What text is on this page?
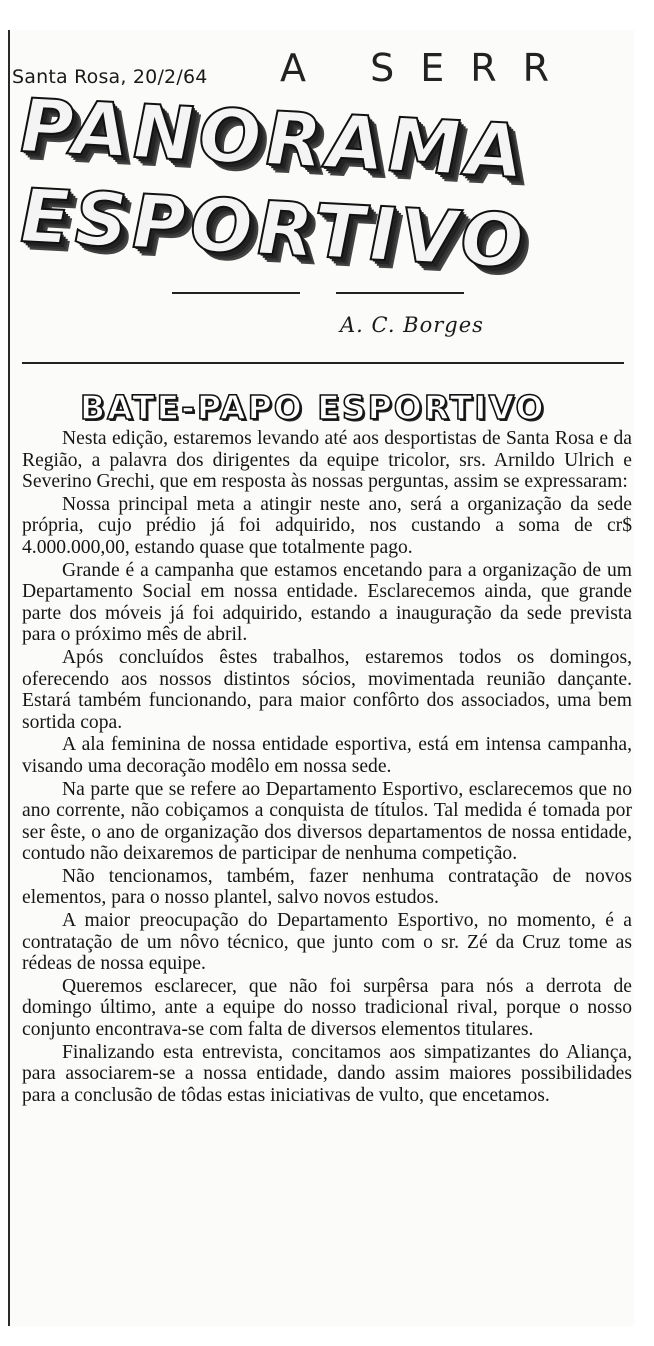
Santa Rosa, 20/2/64 A SERR
PANORAMA
ESPORTIVO
A. C. Borges
BATE-PAPO ESPORTIVO

Nesta edição, estaremos levando até aos desportistas de Santa Rosa e da Região, a palavra dos dirigentes da equipe tricolor, srs. Arnildo Ulrich e Severino Grechi, que em resposta às nossas perguntas, assim se expressaram:

Nossa principal meta a atingir neste ano, será a organização da sede própria, cujo prédio já foi adquirido, nos custando a soma de cr$ 4.000.000,00, estando quase que totalmente pago.

Grande é a campanha que estamos encetando para a organização de um Departamento Social em nossa entidade. Esclarecemos ainda, que grande parte dos móveis já foi adquirido, estando a inauguração da sede prevista para o próximo mês de abril.

Após concluídos êstes trabalhos, estaremos todos os domingos, oferecendo aos nossos distintos sócios, movimentada reunião dançante. Estará também funcionando, para maior confôrto dos associados, uma bem sortida copa.

A ala feminina de nossa entidade esportiva, está em intensa campanha, visando uma decoração modêlo em nossa sede.

Na parte que se refere ao Departamento Esportivo, esclarecemos que no ano corrente, não cobiçamos a conquista de títulos. Tal medida é tomada por ser êste, o ano de organização dos diversos departamentos de nossa entidade, contudo não deixaremos de participar de nenhuma competição.

Não tencionamos, também, fazer nenhuma contratação de novos elementos, para o nosso plantel, salvo novos estudos.

A maior preocupação do Departamento Esportivo, no momento, é a contratação de um nôvo técnico, que junto com o sr. Zé da Cruz tome as rédeas de nossa equipe.

Queremos esclarecer, que não foi surpêrsa para nós a derrota de domingo último, ante a equipe do nosso tradicional rival, porque o nosso conjunto encontrava-se com falta de diversos elementos titulares.

Finalizando esta entrevista, concitamos aos simpatizantes do Aliança, para associarem-se a nossa entidade, dando assim maiores possibilidades para a conclusão de tôdas estas iniciativas de vulto, que encetamos.
